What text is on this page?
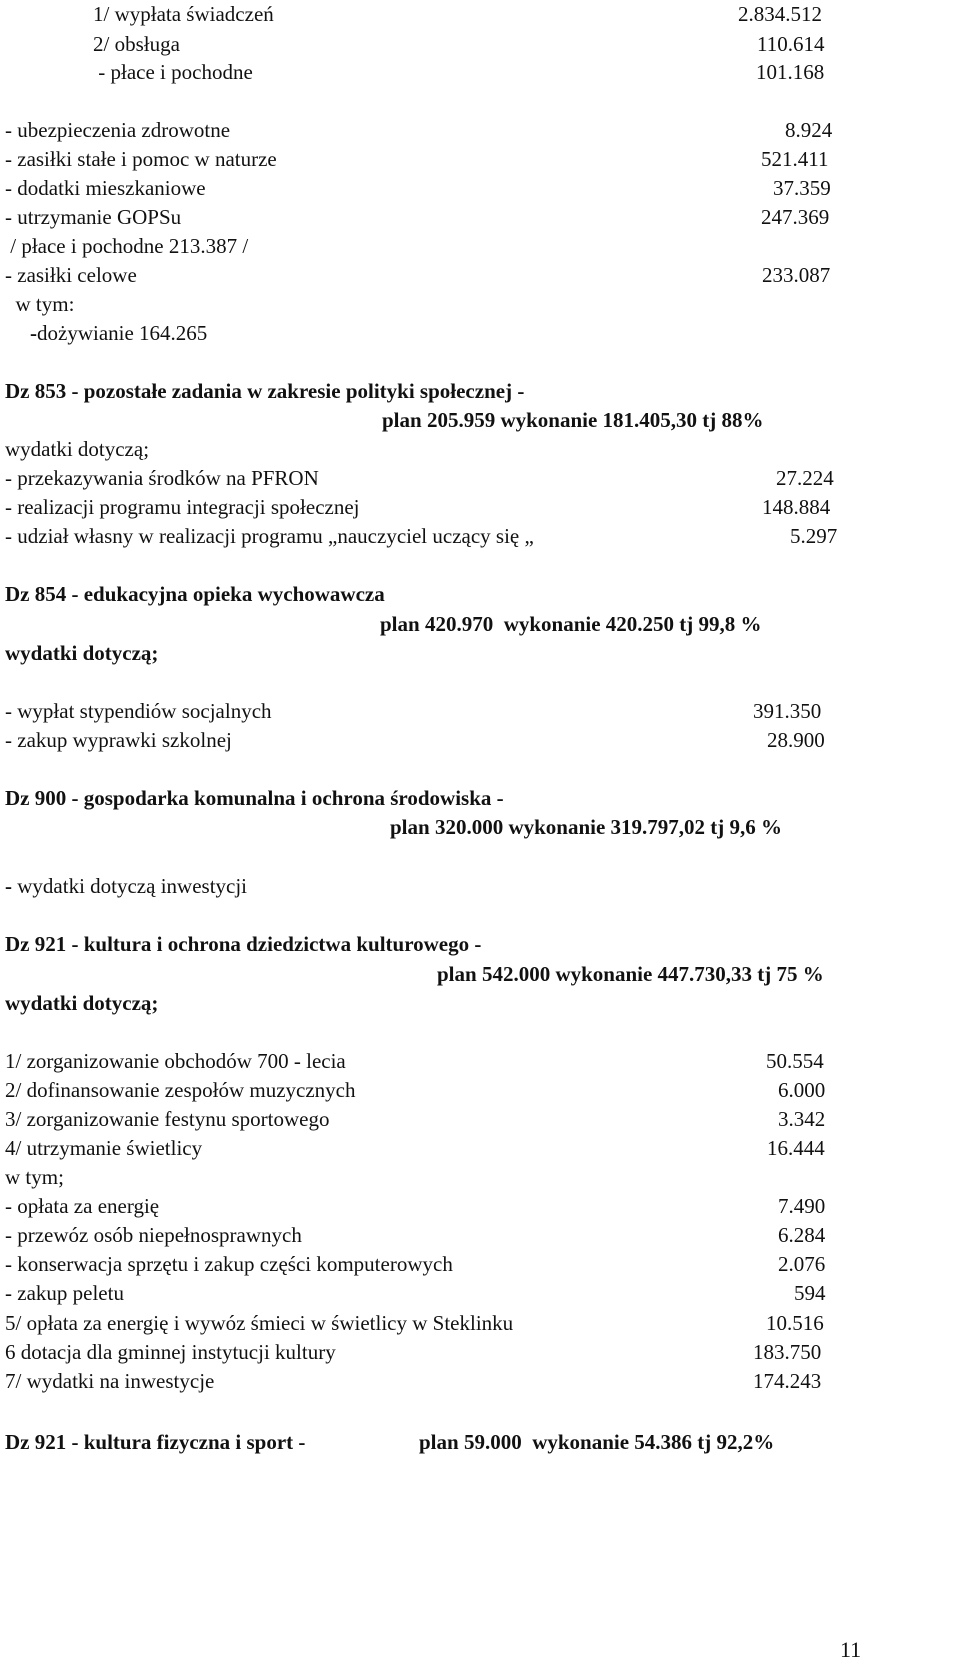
1/ wypłata świadczeń	2.834.512
2/ obsługa	110.614
- płace i pochodne	101.168
- ubezpieczenia zdrowotne	8.924
- zasiłki stałe i pomoc w naturze	521.411
- dodatki mieszkaniowe	37.359
- utrzymanie GOPSu	247.369
/ płace i pochodne 213.387 /
- zasiłki celowe	233.087
w tym:
-dożywianie 164.265
Dz 853 - pozostałe zadania w zakresie polityki społecznej -
plan 205.959 wykonanie 181.405,30 tj 88%
wydatki dotyczą;
- przekazywania środków na PFRON	27.224
- realizacji programu integracji społecznej	148.884
- udział własny w realizacji programu „nauczyciel uczący się „	5.297
Dz 854 - edukacyjna opieka wychowawcza
plan 420.970  wykonanie 420.250 tj 99,8 %
wydatki dotyczą;
- wypłat stypendiów socjalnych	391.350
- zakup wyprawki szkolnej	28.900
Dz 900 - gospodarka komunalna i ochrona środowiska -
plan 320.000 wykonanie 319.797,02 tj 9,6 %
- wydatki dotyczą inwestycji
Dz 921 - kultura i ochrona dziedzictwa kulturowego -
plan 542.000 wykonanie 447.730,33 tj 75 %
wydatki dotyczą;
1/ zorganizowanie obchodów 700 - lecia	50.554
2/ dofinansowanie zespołów muzycznych	6.000
3/ zorganizowanie festynu sportowego	3.342
4/ utrzymanie świetlicy	16.444
w tym;
- opłata za energię	7.490
- przewóz osób niepełnosprawnych	6.284
- konserwacja sprzętu i zakup części komputerowych	2.076
- zakup peletu	594
5/ opłata za energię i wywóz śmieci w świetlicy w Steklinku	10.516
6 dotacja dla gminnej instytucji kultury	183.750
7/ wydatki na inwestycje	174.243
Dz 921 - kultura fizyczna i sport -	plan 59.000  wykonanie 54.386 tj 92,2%
11
